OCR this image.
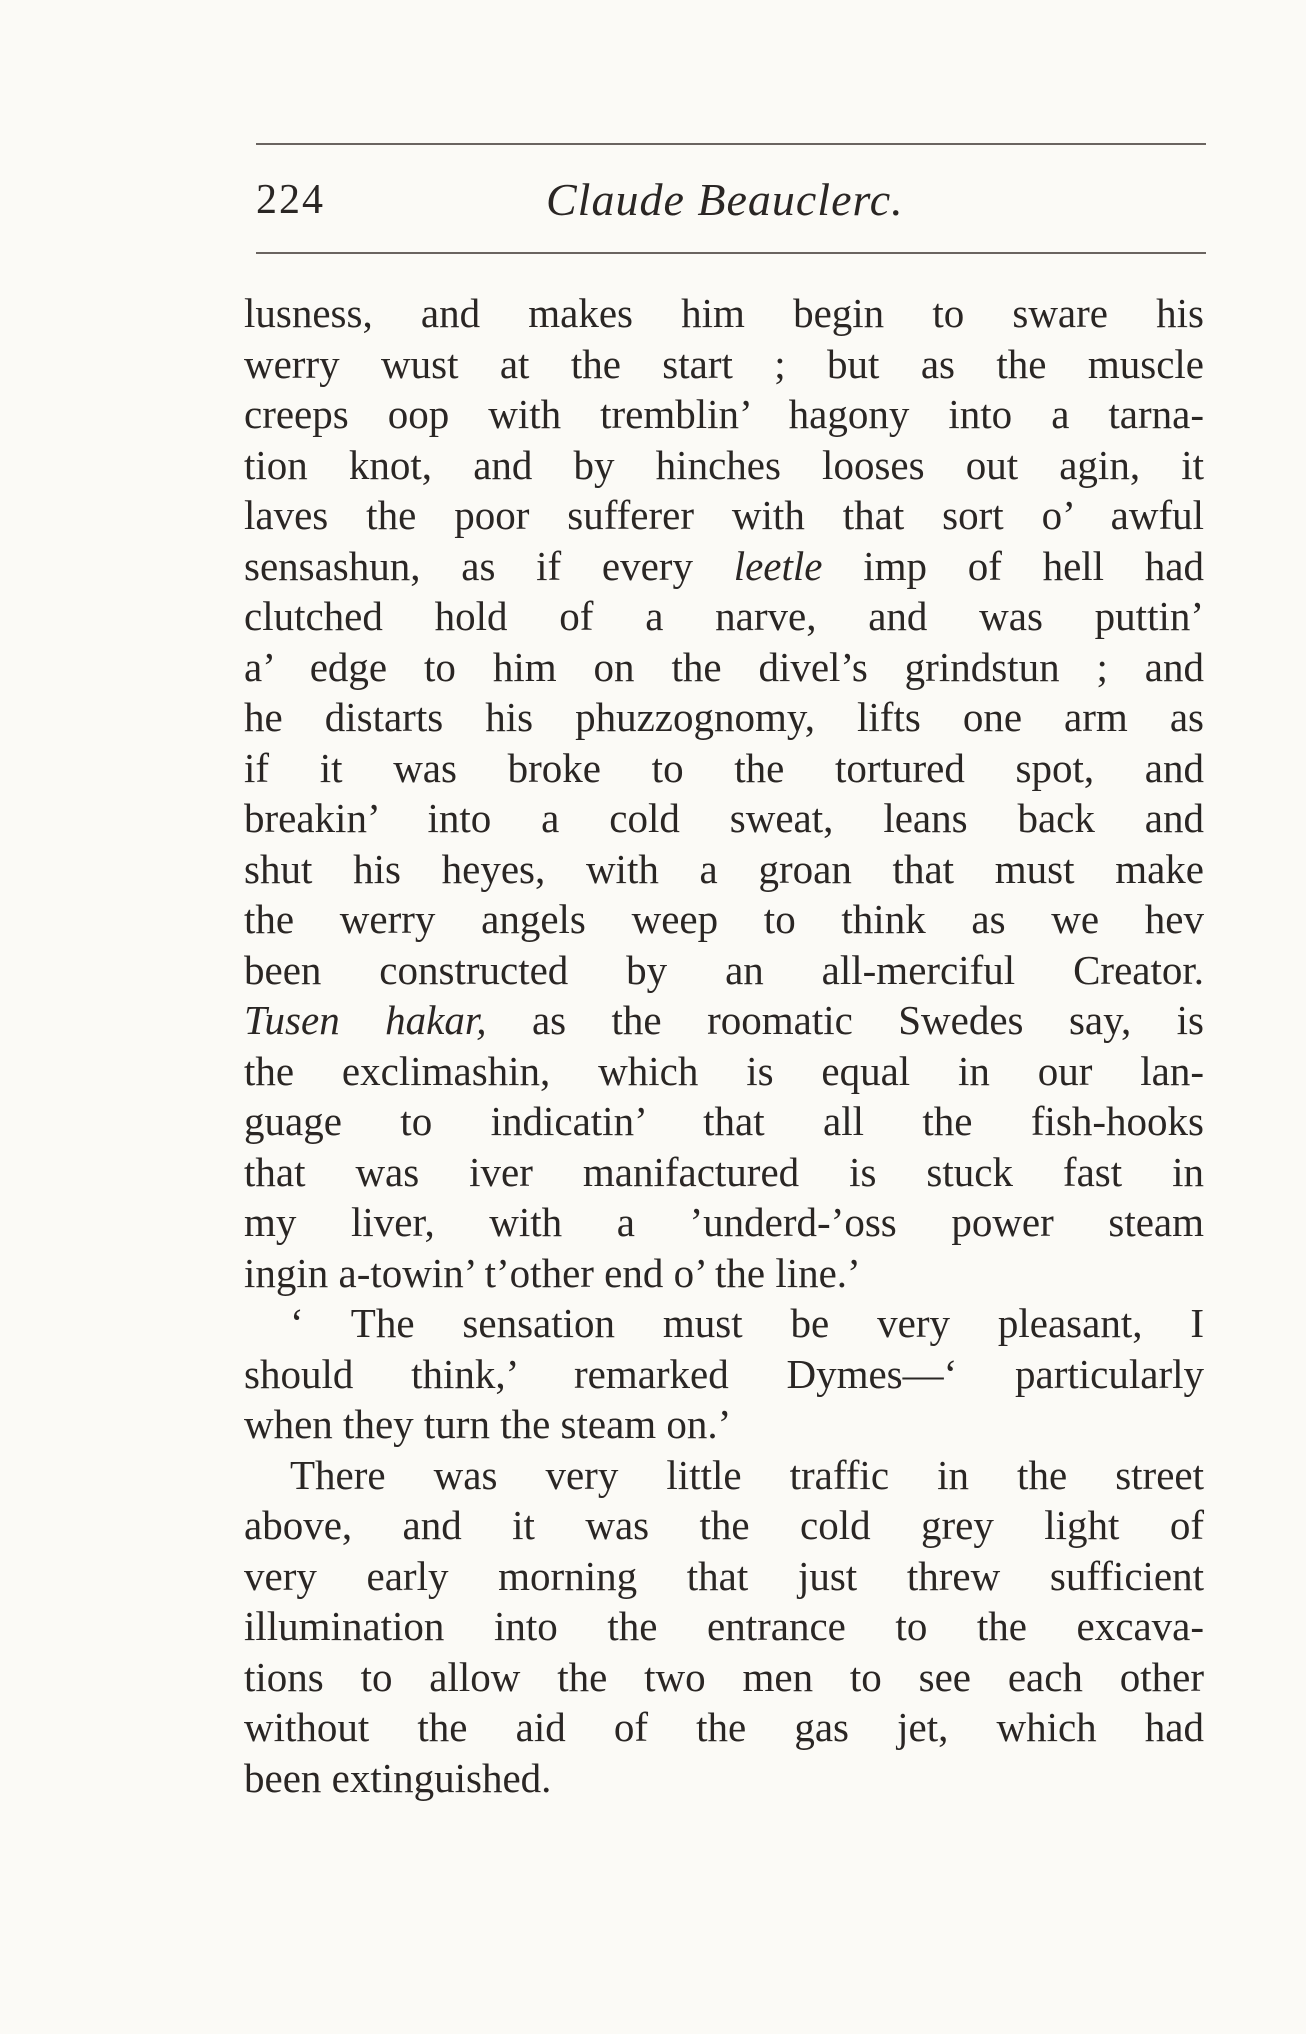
224	Claude Beauclerc.
lusness, and makes him begin to sware his
werry wust at the start ; but as the muscle
creeps oop with tremblin’ hagony into a tarna-
tion knot, and by hinches looses out agin, it
laves the poor sufferer with that sort o’ awful
sensashun, as if every leetle imp of hell had
clutched hold of a narve, and was puttin’
a’ edge to him on the divel’s grindstun ; and
he distarts his phuzzognomy, lifts one arm as
if it was broke to the tortured spot, and
breakin’ into a cold sweat, leans back and
shut his heyes, with a groan that must make
the werry angels weep to think as we hev
been constructed by an all-merciful Creator.
Tusen hakar, as the roomatic Swedes say, is
the exclimashin, which is equal in our lan-
guage to indicatin’ that all the fish-hooks
that was iver manifactured is stuck fast in
my liver, with a ’underd-’oss power steam
ingin a-towin’ t’other end o’ the line.’
‘ The sensation must be very pleasant, I
should think,’ remarked Dymes—‘ particularly
when they turn the steam on.’
There was very little traffic in the street
above, and it was the cold grey light of
very early morning that just threw sufficient
illumination into the entrance to the excava-
tions to allow the two men to see each other
without the aid of the gas jet, which had
been extinguished.
